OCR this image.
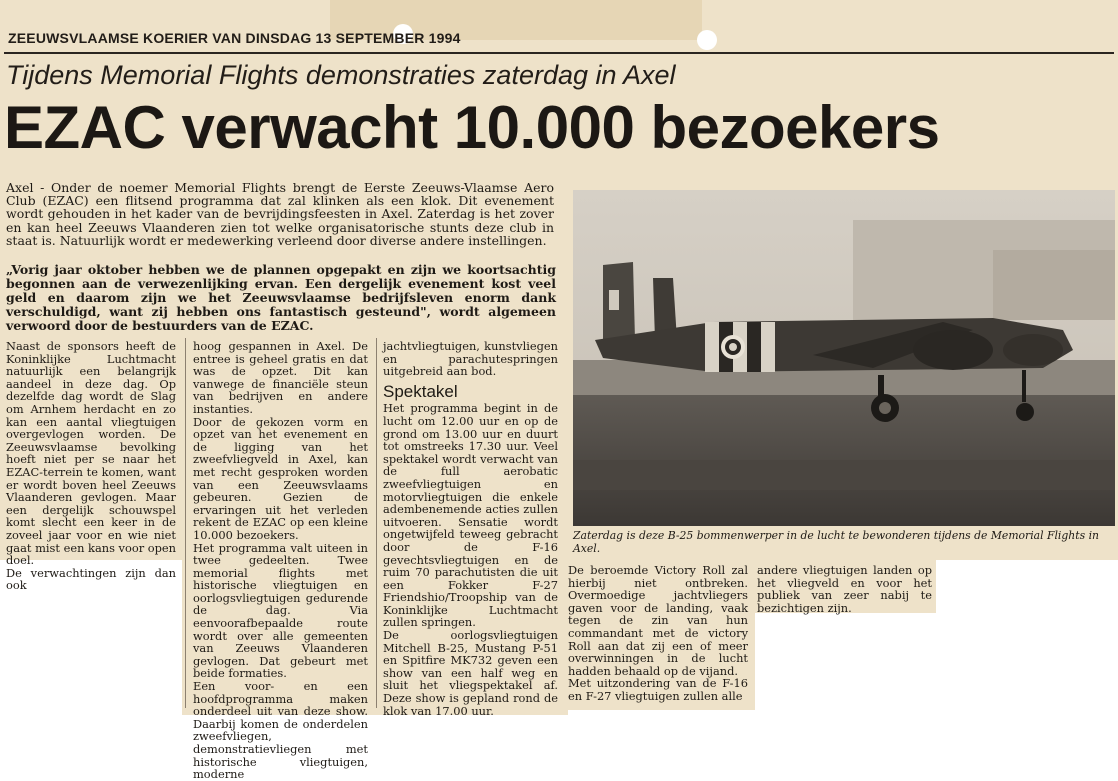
ZEEUWSVLAAMSE KOERIER VAN DINSDAG 13 SEPTEMBER 1994
Tijdens Memorial Flights demonstraties zaterdag in Axel
EZAC verwacht 10.000 bezoekers
Axel - Onder de noemer Memorial Flights brengt de Eerste Zeeuws-Vlaamse Aero Club (EZAC) een flitsend programma dat zal klinken als een klok. Dit evenement wordt gehouden in het kader van de bevrijdingsfeesten in Axel. Zaterdag is het zover en kan heel Zeeuws Vlaanderen zien tot welke organisatorische stunts deze club in staat is. Natuurlijk wordt er medewerking verleend door diverse andere instellingen.
„Vorig jaar oktober hebben we de plannen opgepakt en zijn we koortsachtig begonnen aan de verwezenlijking ervan. Een dergelijk evenement kost veel geld en daarom zijn we het Zeeuwsvlaamse bedrijfsleven enorm dank verschuldigd, want zij hebben ons fantastisch gesteund", wordt algemeen verwoord door de bestuurders van de EZAC.

Naast de sponsors heeft de Koninklijke Luchtmacht natuurlijk een belangrijk aandeel in deze dag. Op dezelfde dag wordt de Slag om Arnhem herdacht en zo kan een aantal vliegtuigen overgevlogen worden. De Zeeuwsvlaamse bevolking hoeft niet per se naar het EZAC-terrein te komen, want er wordt boven heel Zeeuws Vlaanderen gevlogen. Maar een dergelijk schouwspel komt slecht een keer in de zoveel jaar voor en wie niet gaat mist een kans voor open doel.

De verwachtingen zijn dan ook

hoog gespannen in Axel. De entree is geheel gratis en dat was de opzet. Dit kan vanwege de financiële steun van bedrijven en andere instanties.

Door de gekozen vorm en opzet van het evenement en de ligging van het zweefvliegveld in Axel, kan met recht gesproken worden van een Zeeuwsvlaams gebeuren. Gezien de ervaringen uit het verleden rekent de EZAC op een kleine 10.000 bezoekers.

Het programma valt uiteen in twee gedeelten. Twee memorial flights met historische vliegtuigen en oorlogsvliegtuigen gedurende de dag. Via eenvoorafbepaalde route wordt over alle gemeenten van Zeeuws Vlaanderen gevlogen. Dat gebeurt met beide formaties.

Een voor- en een hoofdprogramma maken onderdeel uit van deze show. Daarbij komen de onderdelen zweefvliegen, demonstratievliegen met historische vliegtuigen, moderne

jachtvliegtuigen, kunstvliegen en parachutespringen uitgebreid aan bod.

Spektakel

Het programma begint in de lucht om 12.00 uur en op de grond om 13.00 uur en duurt tot omstreeks 17.30 uur. Veel spektakel wordt verwacht van de full aerobatic zweefvliegtuigen en motorvliegtuigen die enkele adembenemende acties zullen uitvoeren. Sensatie wordt ongetwijfeld teweeg gebracht door de F-16 gevechtsvliegtuigen en de ruim 70 parachutisten die uit een Fokker F-27 Friendshio/Troopship van de Koninklijke Luchtmacht zullen springen.

De oorlogsvliegtuigen Mitchell B-25, Mustang P-51 en Spitfire MK732 geven een show van een half weg en sluit het vliegspektakel af. Deze show is gepland rond de klok van 17.00 uur.

Zaterdag is deze B-25 bommenwerper in de lucht te bewonderen tijdens de Memorial Flights in Axel.

De beroemde Victory Roll zal hierbij niet ontbreken. Overmoedige jachtvliegers gaven voor de landing, vaak tegen de zin van hun commandant met de victory Roll aan dat zij een of meer overwinningen in de lucht hadden behaald op de vijand.

Met uitzondering van de F-16 en F-27 vliegtuigen zullen alle

andere vliegtuigen landen op het vliegveld en voor het publiek van zeer nabij te bezichtigen zijn.
